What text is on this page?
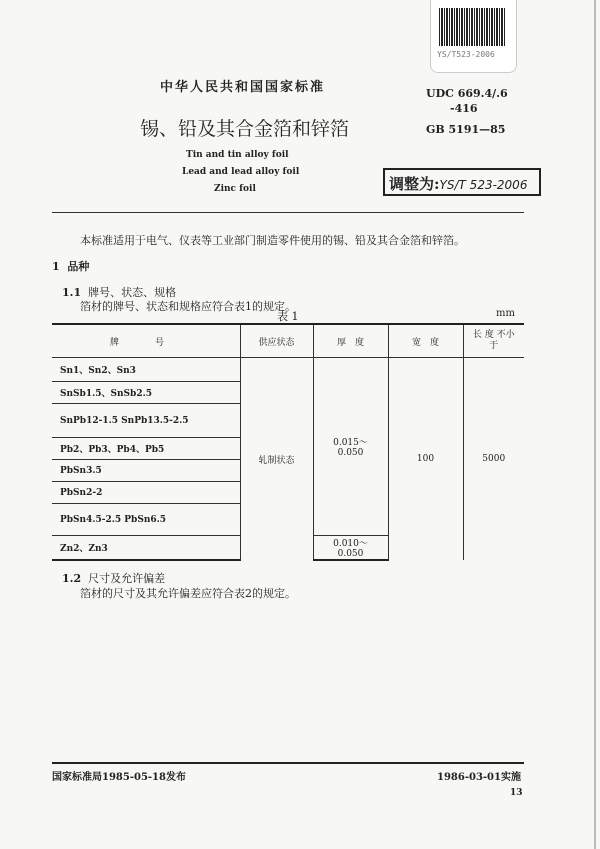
YS/T523-2006
中华人民共和国国家标准
锡、铅及其合金箔和锌箔
Tin and tin alloy foil
Lead and lead alloy foil
Zinc foil
UDC 669.4/.6
-416
GB 5191—85
调整为:YS/T 523-2006
本标准适用于电气、仪表等工业部门制造零件使用的锡、铅及其合金箔和锌箔。
1 品种
1.1 牌号、状态、规格
箔材的牌号、状态和规格应符合表1的规定。
表 1	mm
牌　　　　号	供应状态	厚　度	宽　度	长 度 不小于
Sn1、Sn2、Sn3	轧制状态	0.015～0.050	100	5000
SnSb1.5、SnSb2.5				
SnPb12-1.5 SnPb13.5-2.5				
Pb2、Pb3、Pb4、Pb5				
PbSn3.5				
PbSn2-2				
PbSn4.5-2.5 PbSn6.5				
Zn2、Zn3		0.010～0.050		
1.2 尺寸及允许偏差
箔材的尺寸及其允许偏差应符合表2的规定。
国家标准局1985-05-18发布	1986-03-01实施
13
